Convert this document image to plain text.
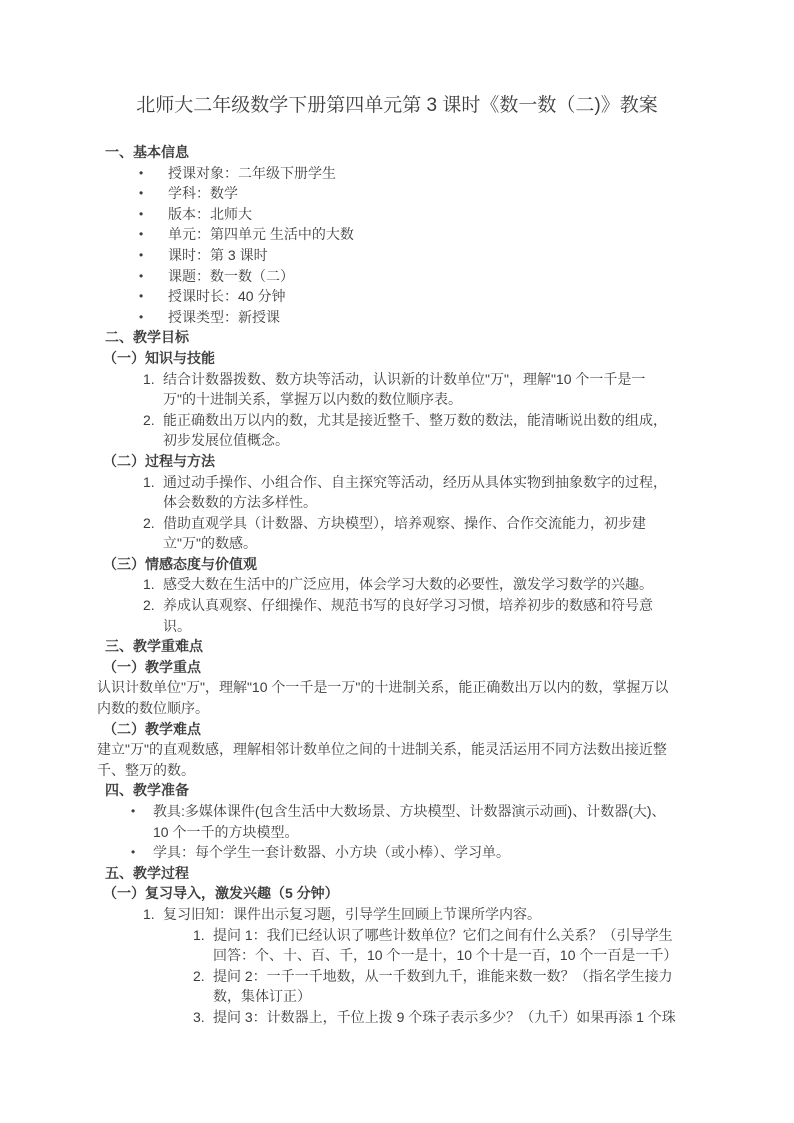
北师大二年级数学下册第四单元第 3 课时《数一数（二)》教案
一、基本信息
• 授课对象：二年级下册学生
• 学科：数学
• 版本：北师大
• 单元：第四单元 生活中的大数
• 课时：第 3 课时
• 课题：数一数（二）
• 授课时长：40 分钟
• 授课类型：新授课
二、教学目标
（一）知识与技能
1. 结合计数器拨数、数方块等活动，认识新的计数单位"万"，理解"10 个一千是一万"的十进制关系，掌握万以内数的数位顺序表。
2. 能正确数出万以内的数，尤其是接近整千、整万数的数法，能清晰说出数的组成，初步发展位值概念。
（二）过程与方法
1. 通过动手操作、小组合作、自主探究等活动，经历从具体实物到抽象数字的过程，体会数数的方法多样性。
2. 借助直观学具（计数器、方块模型），培养观察、操作、合作交流能力，初步建立"万"的数感。
（三）情感态度与价值观
1. 感受大数在生活中的广泛应用，体会学习大数的必要性，激发学习数学的兴趣。
2. 养成认真观察、仔细操作、规范书写的良好学习习惯，培养初步的数感和符号意识。
三、教学重难点
（一）教学重点
认识计数单位"万"，理解"10 个一千是一万"的十进制关系，能正确数出万以内的数，掌握万以内数的数位顺序。
（二）教学难点
建立"万"的直观数感，理解相邻计数单位之间的十进制关系，能灵活运用不同方法数出接近整千、整万的数。
四、教学准备
• 教具:多媒体课件(包含生活中大数场景、方块模型、计数器演示动画)、计数器(大)、10 个一千的方块模型。
• 学具：每个学生一套计数器、小方块（或小棒）、学习单。
五、教学过程
（一）复习导入，激发兴趣（5 分钟）
1. 复习旧知：课件出示复习题，引导学生回顾上节课所学内容。
1. 提问 1：我们已经认识了哪些计数单位？它们之间有什么关系？（引导学生回答：个、十、百、千，10 个一是十，10 个十是一百，10 个一百是一千）
2. 提问 2：一千一千地数，从一千数到九千，谁能来数一数？（指名学生接力数，集体订正）
3. 提问 3：计数器上，千位上拨 9 个珠子表示多少？（九千）如果再添 1 个珠
